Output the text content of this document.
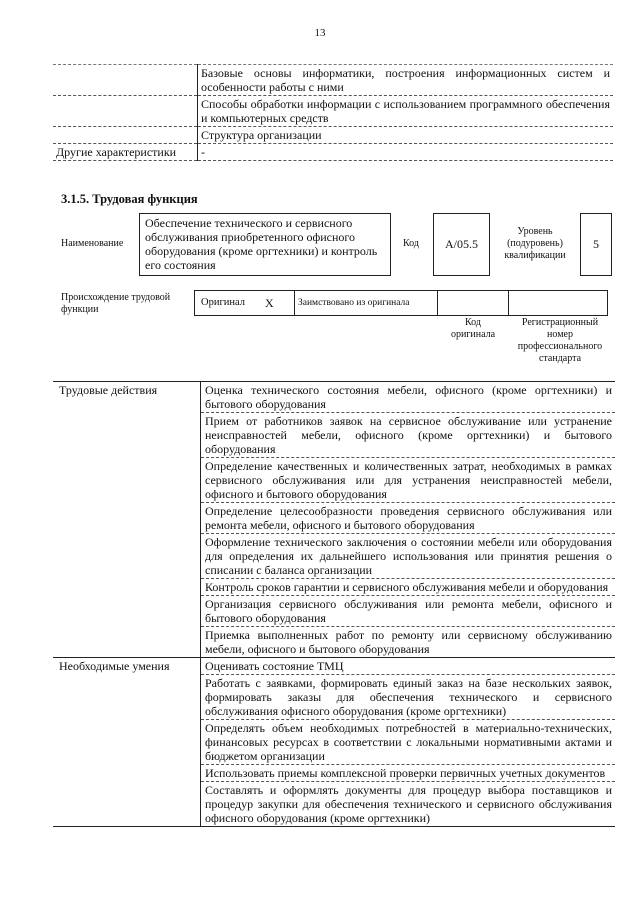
13
	Базовые основы информатики, построения информационных систем и особенности работы с ними
	Способы обработки информации с использованием программного обеспечения и компьютерных средств
	Структура организации
Другие характеристики	-
3.1.5. Трудовая функция
Наименование
Обеспечение технического и сервисного обслуживания приобретенного офисного оборудования (кроме оргтехники) и контроль его состояния
Код	А/05.5
Уровень (подуровень) квалификации
5
Происхождение трудовой функции
Оригинал	X	Заимствовано из оригинала		
Код оригинала
Регистрационный номер профессионального стандарта
Трудовые действия	Оценка технического состояния мебели, офисного (кроме оргтехники) и бытового оборудования
	Прием от работников заявок на сервисное обслуживание или устранение неисправностей мебели, офисного (кроме оргтехники) и бытового оборудования
	Определение качественных и количественных затрат, необходимых в рамках сервисного обслуживания или для устранения неисправностей мебели, офисного и бытового оборудования
	Определение целесообразности проведения сервисного обслуживания или ремонта мебели, офисного и бытового оборудования
	Оформление технического заключения о состоянии мебели или оборудования для определения их дальнейшего использования или принятия решения о списании с баланса организации
	Контроль сроков гарантии и сервисного обслуживания мебели и оборудования
	Организация сервисного обслуживания или ремонта мебели, офисного и бытового оборудования
	Приемка выполненных работ по ремонту или сервисному обслуживанию мебели, офисного и бытового оборудования
Необходимые умения	Оценивать состояние ТМЦ
	Работать с заявками, формировать единый заказ на базе нескольких заявок, формировать заказы для обеспечения технического и сервисного обслуживания офисного оборудования (кроме оргтехники)
	Определять объем необходимых потребностей в материально-технических, финансовых ресурсах в соответствии с локальными нормативными актами и бюджетом организации
	Использовать приемы комплексной проверки первичных учетных документов
	Составлять и оформлять документы для процедур выбора поставщиков и процедур закупки для обеспечения технического и сервисного обслуживания офисного оборудования (кроме оргтехники)
